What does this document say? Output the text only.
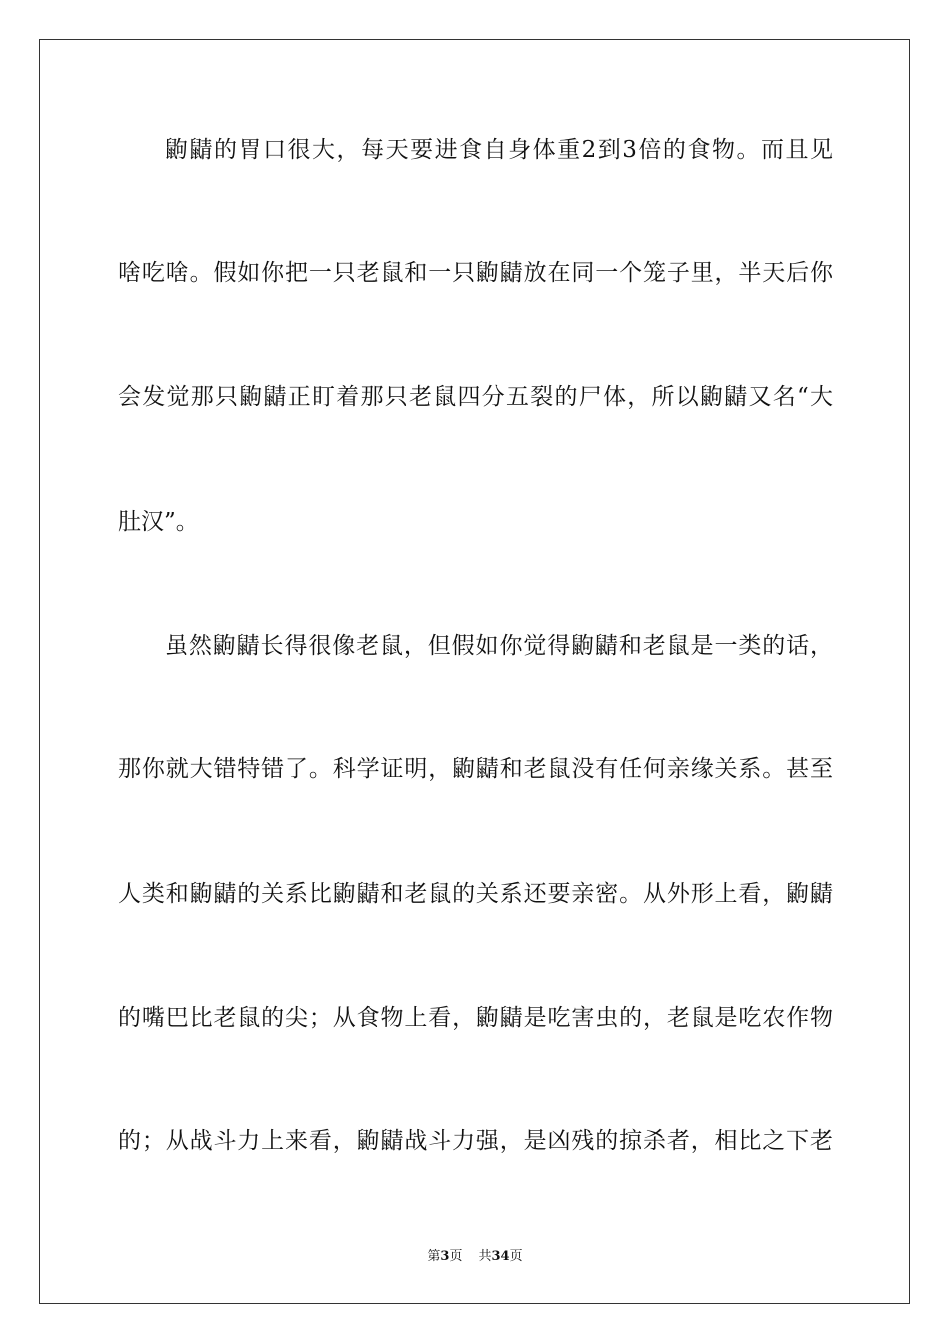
鼩鼱的胃口很大，每天要进食自身体重2到3倍的食物。而且见
啥吃啥。假如你把一只老鼠和一只鼩鼱放在同一个笼子里，半天后你
会发觉那只鼩鼱正盯着那只老鼠四分五裂的尸体，所以鼩鼱又名“大
肚汉”。
虽然鼩鼱长得很像老鼠，但假如你觉得鼩鼱和老鼠是一类的话，
那你就大错特错了。科学证明，鼩鼱和老鼠没有任何亲缘关系。甚至
人类和鼩鼱的关系比鼩鼱和老鼠的关系还要亲密。从外形上看，鼩鼱
的嘴巴比老鼠的尖；从食物上看，鼩鼱是吃害虫的，老鼠是吃农作物
的；从战斗力上来看，鼩鼱战斗力强，是凶残的掠杀者，相比之下老
第3页 共34页
